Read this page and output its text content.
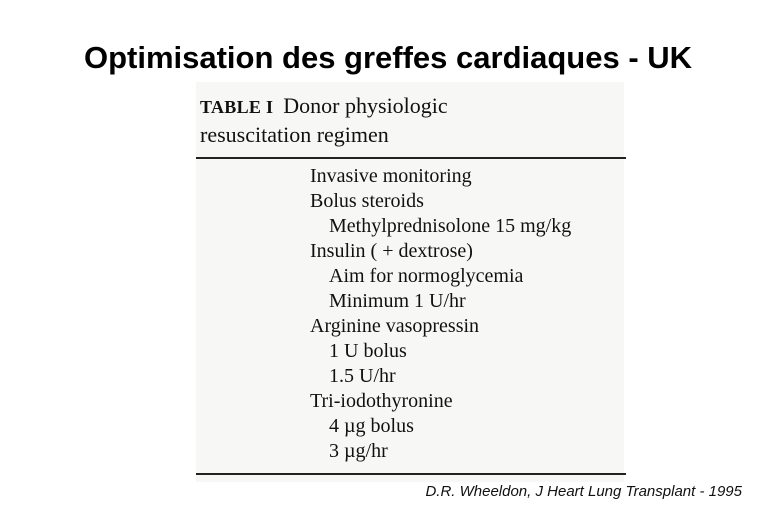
Optimisation des greffes cardiaques - UK
TABLE I Donor physiologic
resuscitation regimen
Invasive monitoring
Bolus steroids
Methylprednisolone 15 mg/kg
Insulin ( + dextrose)
Aim for normoglycemia
Minimum 1 U/hr
Arginine vasopressin
1 U bolus
1.5 U/hr
Tri-iodothyronine
4 µg bolus
3 µg/hr
D.R. Wheeldon, J Heart Lung Transplant - 1995
